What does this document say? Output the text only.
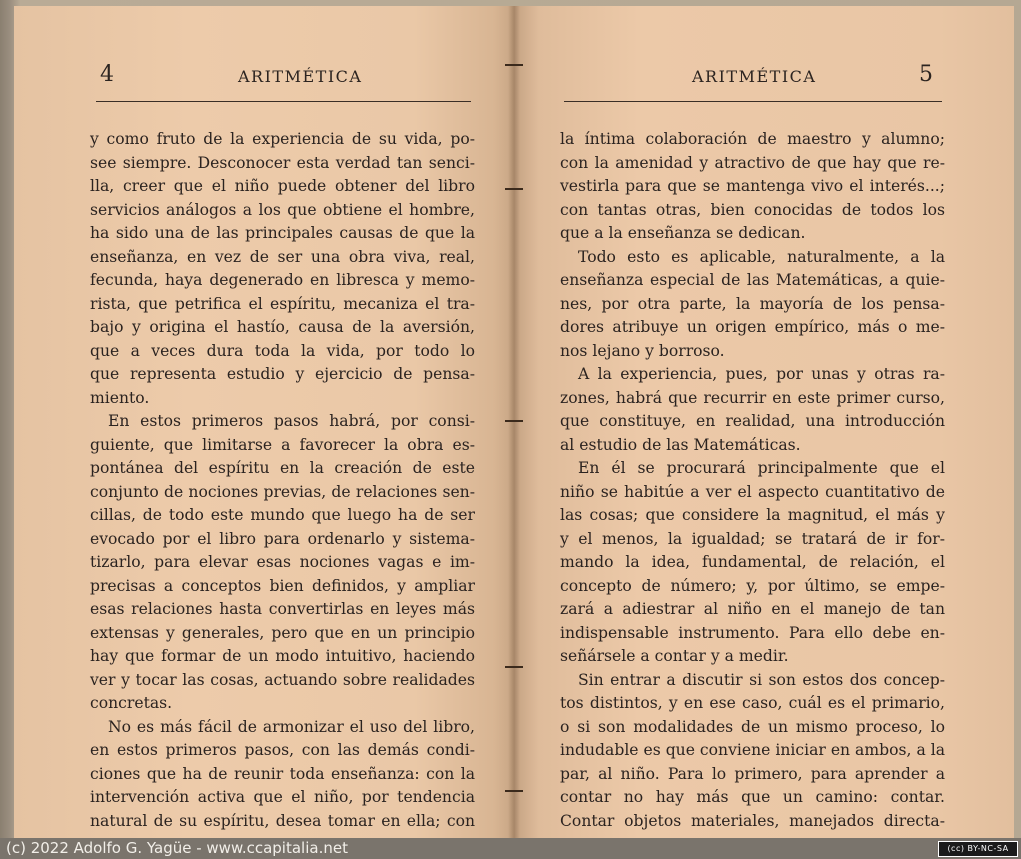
4	ARITMÉTICA
y como fruto de la experiencia de su vida, po-
see siempre. Desconocer esta verdad tan senci-
lla, creer que el niño puede obtener del libro
servicios análogos a los que obtiene el hombre,
ha sido una de las principales causas de que la
enseñanza, en vez de ser una obra viva, real,
fecunda, haya degenerado en libresca y memo-
rista, que petrifica el espíritu, mecaniza el tra-
bajo y origina el hastío, causa de la aversión,
que a veces dura toda la vida, por todo lo
que representa estudio y ejercicio de pensa-
miento.
En estos primeros pasos habrá, por consi-
guiente, que limitarse a favorecer la obra es-
pontánea del espíritu en la creación de este
conjunto de nociones previas, de relaciones sen-
cillas, de todo este mundo que luego ha de ser
evocado por el libro para ordenarlo y sistema-
tizarlo, para elevar esas nociones vagas e im-
precisas a conceptos bien definidos, y ampliar
esas relaciones hasta convertirlas en leyes más
extensas y generales, pero que en un principio
hay que formar de un modo intuitivo, haciendo
ver y tocar las cosas, actuando sobre realidades
concretas.
No es más fácil de armonizar el uso del libro,
en estos primeros pasos, con las demás condi-
ciones que ha de reunir toda enseñanza: con la
intervención activa que el niño, por tendencia
natural de su espíritu, desea tomar en ella; con
ARITMÉTICA	5
la íntima colaboración de maestro y alumno;
con la amenidad y atractivo de que hay que re-
vestirla para que se mantenga vivo el interés...;
con tantas otras, bien conocidas de todos los
que a la enseñanza se dedican.
Todo esto es aplicable, naturalmente, a la
enseñanza especial de las Matemáticas, a quie-
nes, por otra parte, la mayoría de los pensa-
dores atribuye un origen empírico, más o me-
nos lejano y borroso.
A la experiencia, pues, por unas y otras ra-
zones, habrá que recurrir en este primer curso,
que constituye, en realidad, una introducción
al estudio de las Matemáticas.
En él se procurará principalmente que el
niño se habitúe a ver el aspecto cuantitativo de
las cosas; que considere la magnitud, el más y
y el menos, la igualdad; se tratará de ir for-
mando la idea, fundamental, de relación, el
concepto de número; y, por último, se empe-
zará a adiestrar al niño en el manejo de tan
indispensable instrumento. Para ello debe en-
señársele a contar y a medir.
Sin entrar a discutir si son estos dos concep-
tos distintos, y en ese caso, cuál es el primario,
o si son modalidades de un mismo proceso, lo
indudable es que conviene iniciar en ambos, a la
par, al niño. Para lo primero, para aprender a
contar no hay más que un camino: contar.
Contar objetos materiales, manejados directa-
(c) 2022 Adolfo G. Yagüe - www.ccapitalia.net	(cc) BY-NC-SA
